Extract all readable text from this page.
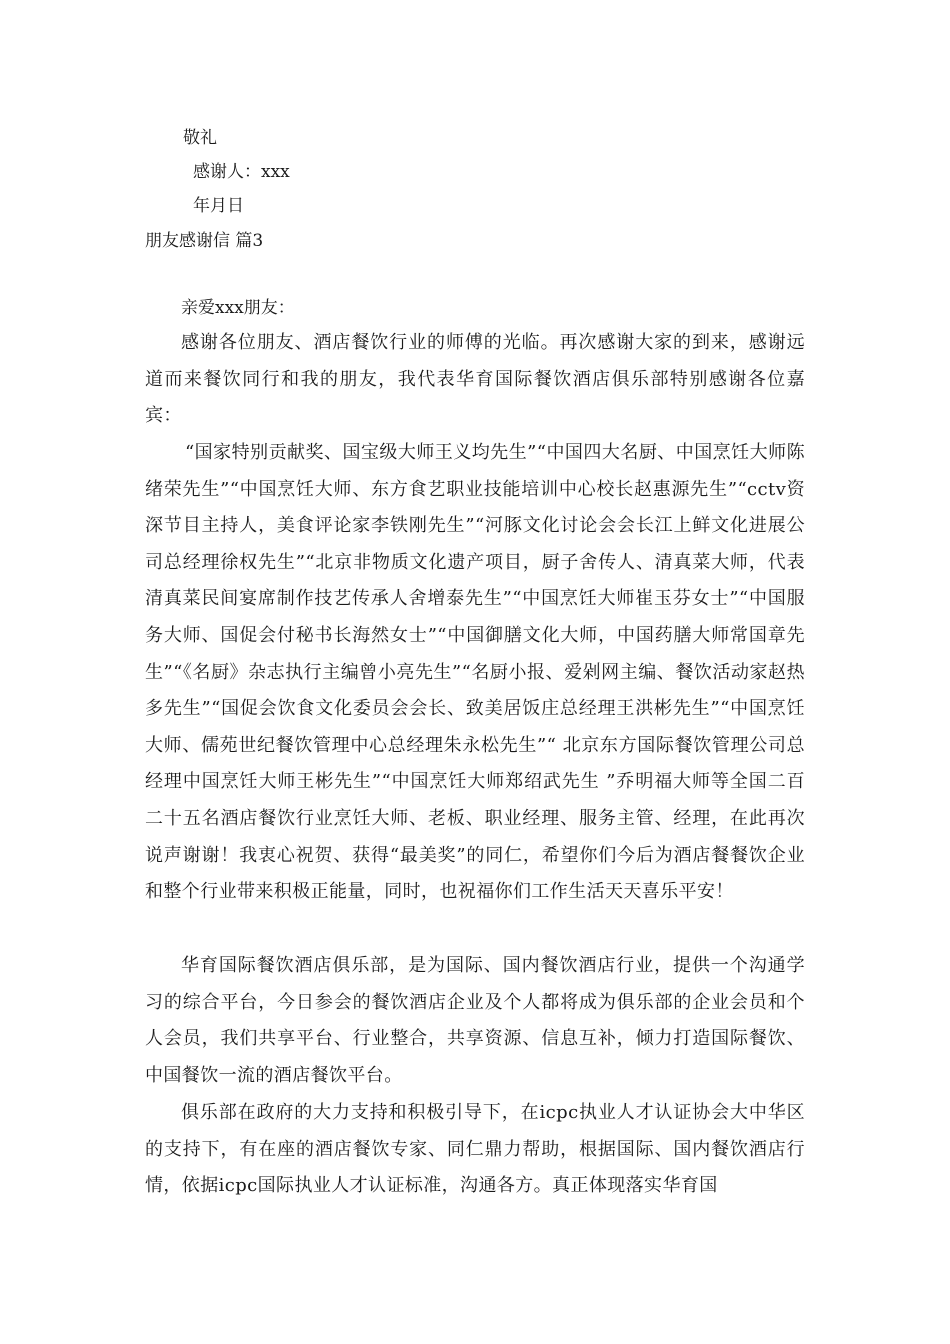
敬礼
感谢人：xxx
年月日
朋友感谢信 篇3
亲爱xxx朋友：
感谢各位朋友、酒店餐饮行业的师傅的光临。再次感谢大家的到来，感谢远道而来餐饮同行和我的朋友，我代表华育国际餐饮酒店俱乐部特别感谢各位嘉宾：
“国家特别贡献奖、国宝级大师王义均先生”“中国四大名厨、中国烹饪大师陈绪荣先生”“中国烹饪大师、东方食艺职业技能培训中心校长赵惠源先生”“cctv资深节目主持人，美食评论家李铁刚先生”“河豚文化讨论会会长江上鲜文化进展公司总经理徐权先生”“北京非物质文化遗产项目，厨子舍传人、清真菜大师，代表清真菜民间宴席制作技艺传承人舍增泰先生”“中国烹饪大师崔玉芬女士”“中国服务大师、国促会付秘书长海然女士”“中国御膳文化大师，中国药膳大师常国章先生”“《名厨》杂志执行主编曾小亮先生”“名厨小报、爱剁网主编、餐饮活动家赵热多先生”“国促会饮食文化委员会会长、致美居饭庄总经理王洪彬先生”“中国烹饪大师、儒苑世纪餐饮管理中心总经理朱永松先生”“ 北京东方国际餐饮管理公司总经理中国烹饪大师王彬先生”“中国烹饪大师郑绍武先生 ”乔明福大师等全国二百二十五名酒店餐饮行业烹饪大师、老板、职业经理、服务主管、经理，在此再次说声谢谢！我衷心祝贺、获得“最美奖”的同仁，希望你们今后为酒店餐餐饮企业和整个行业带来积极正能量，同时，也祝福你们工作生活天天喜乐平安！
华育国际餐饮酒店俱乐部，是为国际、国内餐饮酒店行业，提供一个沟通学习的综合平台，今日参会的餐饮酒店企业及个人都将成为俱乐部的企业会员和个人会员，我们共享平台、行业整合，共享资源、信息互补，倾力打造国际餐饮、中国餐饮一流的酒店餐饮平台。
俱乐部在政府的大力支持和积极引导下，在icpc执业人才认证协会大中华区的支持下，有在座的酒店餐饮专家、同仁鼎力帮助，根据国际、国内餐饮酒店行情，依据icpc国际执业人才认证标准，沟通各方。真正体现落实华育国
